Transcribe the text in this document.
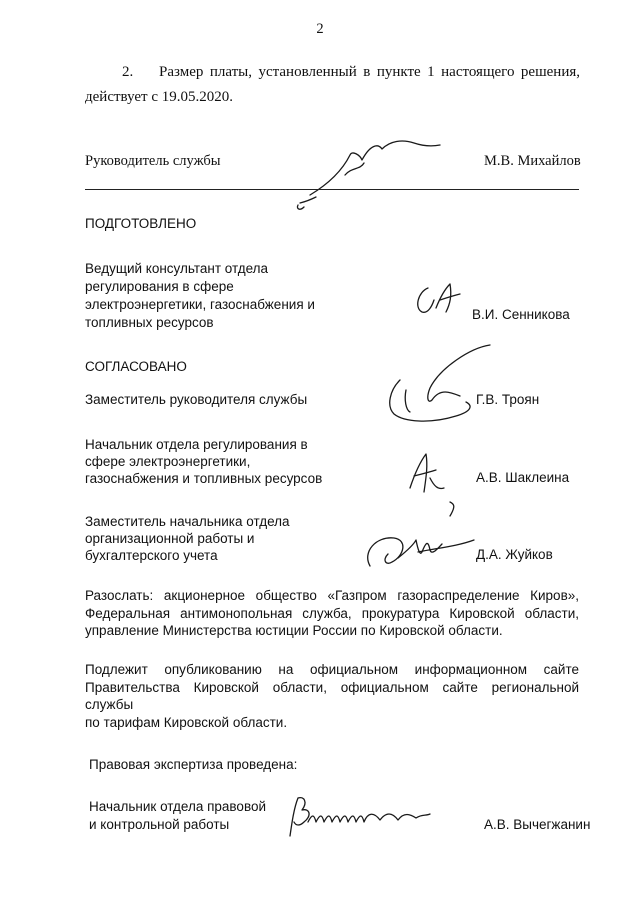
2
2. Размер платы, установленный в пункте 1 настоящего решения,
действует с 19.05.2020.
Руководитель службы	М.В. Михайлов
ПОДГОТОВЛЕНО
Ведущий консультант отдела
регулирования в сфере
электроэнергетики, газоснабжения и
топливных ресурсов
В.И. Сенникова
СОГЛАСОВАНО
Заместитель руководителя службы	Г.В. Троян
Начальник отдела регулирования в
сфере электроэнергетики,
газоснабжения и топливных ресурсов	А.В. Шаклеина
Заместитель начальника отдела
организационной работы и
бухгалтерского учета	Д.А. Жуйков
Разослать: акционерное общество «Газпром газораспределение Киров»,
Федеральная антимонопольная служба, прокуратура Кировской области,
управление Министерства юстиции России по Кировской области.
Подлежит опубликованию на официальном информационном сайте
Правительства Кировской области, официальном сайте региональной службы
по тарифам Кировской области.
Правовая экспертиза проведена:
Начальник отдела правовой
и контрольной работы	А.В. Вычегжанин
